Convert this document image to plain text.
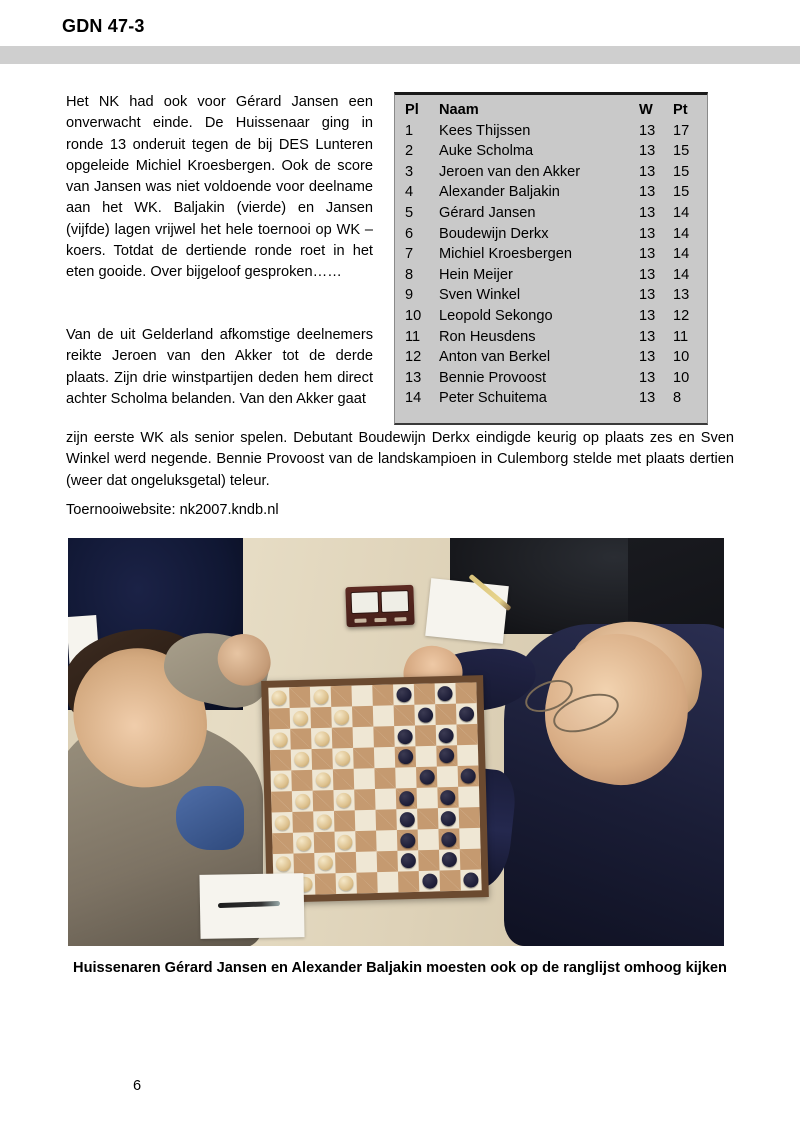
GDN 47-3
Het NK had ook voor Gérard Jansen een onverwacht einde. De Huissenaar ging in ronde 13 onderuit tegen de bij DES Lunteren opgeleide Michiel Kroesbergen. Ook de score van Jansen was niet voldoende voor deelname aan het WK. Baljakin (vierde) en Jansen (vijfde) lagen vrijwel het hele toernooi op WK – koers. Totdat de dertiende ronde roet in het eten gooide. Over bijgeloof gesproken……
Van de uit Gelderland afkomstige deelnemers reikte Jeroen van den Akker tot de derde plaats. Zijn drie winstpartijen deden hem direct achter Scholma belanden. Van den Akker gaat
Pl	Naam	W	Pt
1	Kees Thijssen	13	17
2	Auke Scholma	13	15
3	Jeroen van den Akker	13	15
4	Alexander Baljakin	13	15
5	Gérard Jansen	13	14
6	Boudewijn Derkx	13	14
7	Michiel Kroesbergen	13	14
8	Hein Meijer	13	14
9	Sven Winkel	13	13
10	Leopold Sekongo	13	12
11	Ron Heusdens	13	11
12	Anton van Berkel	13	10
13	Bennie Provoost	13	10
14	Peter Schuitema	13	8
zijn eerste WK als senior spelen. Debutant Boudewijn Derkx eindigde keurig op plaats zes en Sven Winkel werd negende. Bennie Provoost van de landskampioen in Culemborg stelde met plaats dertien (weer dat ongeluksgetal) teleur.
Toernooiwebsite: nk2007.kndb.nl
Huissenaren Gérard Jansen en Alexander Baljakin moesten ook op de ranglijst omhoog kijken
6
